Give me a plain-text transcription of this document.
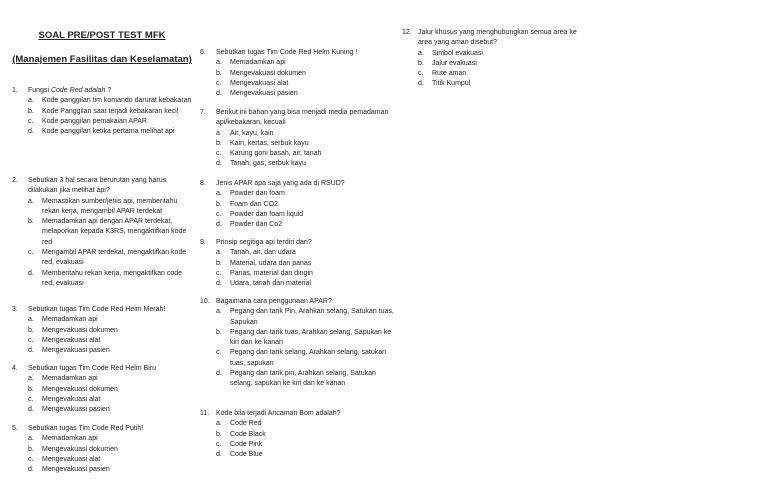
SOAL PRE/POST TEST MFK
(Manajemen Fasilitas dan Keselamatan)
1.	Fungsi Code Red adalah ?
a.	Kode panggilan tim komando darurat kebakaran
b.	Kode Panggilan saat terjadi kebakaran kecil
c.	Kode panggilan pemakaian APAR
d.	Kode panggilan ketika pertama melihat api
2.	Sebutkan 3 hal secara berurutan yang harus dilakukan jika melihat api?
a.	Memastikan sumber/jenis api, memberitahu rekan kerja, mengambil APAR terdekat
b.	Memadamkan api dengan APAR terdekat, melaporkan kepada K3RS, mengaktifkan kode red
c.	Mengambil APAR terdekat, mengaktifkan kode red, evakuasi
d.	Memberitahu rekan kerja, mengaktifkan code red, evakuasi
3.	Sebutkan tugas Tim Code Red Helm Merah!
a.	Memadamkan api
b.	Mengevakuasi dokumen
c.	Mengevakuasi alat
d.	Mengevakuasi pasien
4.	Sebutkan tugas Tim Code Red Helm Biru
a.	Memadamkan api
b.	Mengevakuasi dokumen
c.	Mengevakuasi alat
d.	Mengevakuasi pasien
5.	Sebutkan tugas Tim Code Red Putih!
a.	Memadamkan api
b.	Mengevakuasi dokumen
c.	Mengevakuasi alat
d.	Mengevakuasi pasien
6.	Sebutkan tugas Tim Code Red Helm Kuning !
a.	Memadamkan api
b.	Mengevakuasi dokumen
c.	Mengevakuasi alat
d.	Mengevakuasi pasien
7.	Berikut ini bahan yang bisa menjadi media pemadaman api/kebakaran, kecuali
a.	Air, kayu, kain
b.	Kain, kertas, serbuk kayu
c.	Karung goni basah, air, tanah
d.	Tanah, gas, serbuk kayu
8.	Jenis APAR apa saja yang ada di RSUD?
a.	Powder dan foam
b.	Foam dan CO2
c.	Powder dan foam liquid
d.	Powder dan Co2
9.	Prinsip segitiga api terdiri dari?
a.	Tanah, air, dan udara
b.	Material, udara dan panas
c.	Panas, material dan dingin
d.	Udara, tanah dan material
10. Bagaimana cara penggunaan APAR?
a.	Pegang dan tarik Pin, Arahkan selang, Satukan tuas, Sapukan
b.	Pegang dan tarik tuas, Arahkan selang, Sapukan ke kiri dan ke kanan
c.	Pegang dan tarik selang, Arahkan selang, satukan tuas, sapukan
d.	Pegang dan tarik pin, Arahkan selang, Satukan selang, sapukan ke kiri dan ke kanan
11. Kode bila terjadi Ancaman Bom adalah?
a.	Code Red
b.	Code Black
c.	Code Pink
d.	Code Blue
12. Jalur khusus yang menghubungkan semua area ke area yang aman disebut?
a.	Simbol evakuasi
b.	Jalur evakuasi
c.	Rute aman
d.	Titik Kumpul
